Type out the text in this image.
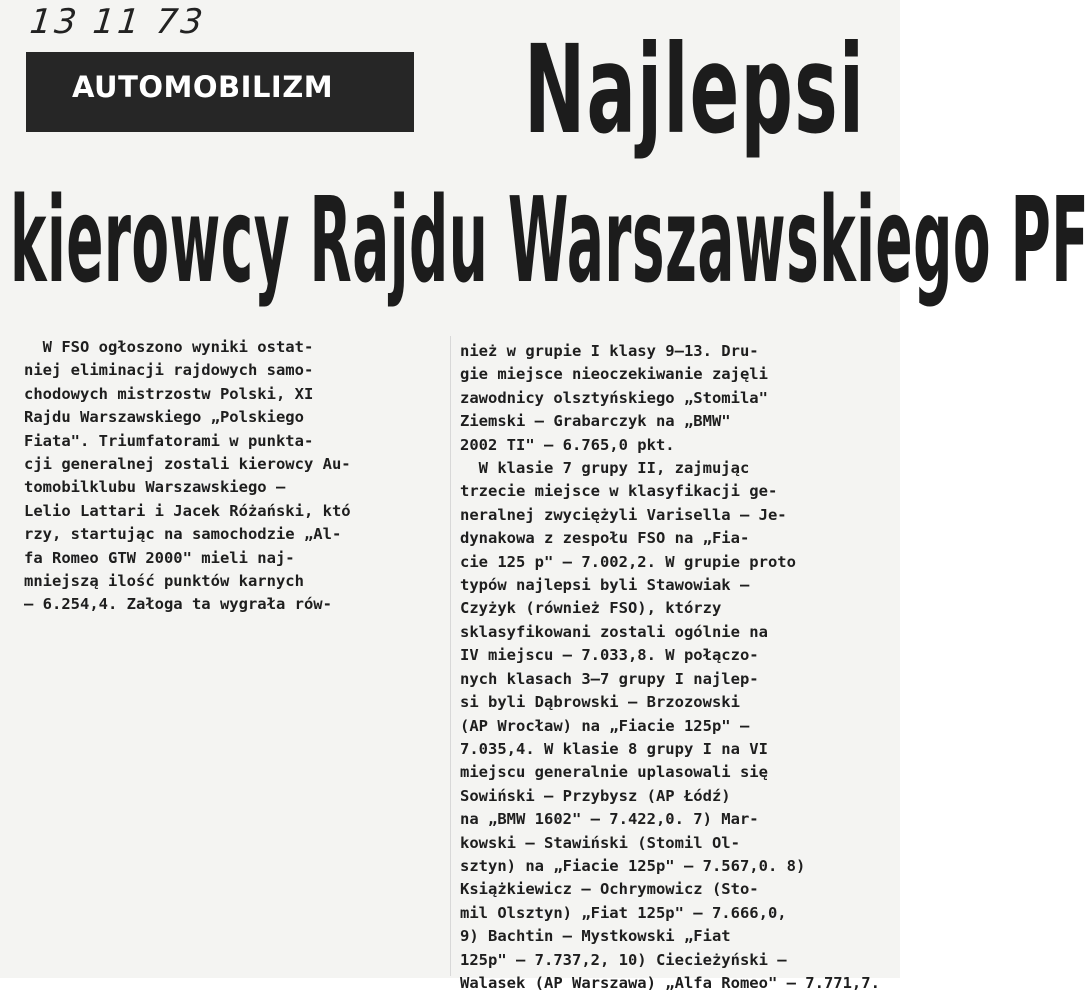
13 11 73
AUTOMOBILIZM	Najlepsi
kierowcy Rajdu Warszawskiego PF

W FSO ogłoszono wyniki ostat-

niej eliminacji rajdowych samo-

chodowych mistrzostw Polski, XI

Rajdu Warszawskiego „Polskiego

Fiata". Triumfatorami w punkta-

cji generalnej zostali kierowcy Au-

tomobilklubu Warszawskiego —

Lelio Lattari i Jacek Różański, któ

rzy, startując na samochodzie „Al-

fa Romeo GTW 2000" mieli naj-

mniejszą ilość punktów karnych

— 6.254,4. Załoga ta wygrała rów-

nież w grupie I klasy 9—13. Dru-

gie miejsce nieoczekiwanie zajęli

zawodnicy olsztyńskiego „Stomila"

Ziemski — Grabarczyk na „BMW"

2002 TI" — 6.765,0 pkt.

W klasie 7 grupy II, zajmując

trzecie miejsce w klasyfikacji ge-

neralnej zwyciężyli Varisella — Je-

dynakowa z zespołu FSO na „Fia-

cie 125 p" — 7.002,2. W grupie proto

typów najlepsi byli Stawowiak —

Czyżyk (również FSO), którzy

sklasyfikowani zostali ogólnie na

IV miejscu — 7.033,8. W połączo-

nych klasach 3—7 grupy I najlep-

si byli Dąbrowski — Brzozowski

(AP Wrocław) na „Fiacie 125p" —

7.035,4. W klasie 8 grupy I na VI

miejscu generalnie uplasowali się

Sowiński — Przybysz (AP Łódź)

na „BMW 1602" — 7.422,0. 7) Mar-

kowski — Stawiński (Stomil Ol-

sztyn) na „Fiacie 125p" — 7.567,0. 8)

Książkiewicz — Ochrymowicz (Sto-

mil Olsztyn) „Fiat 125p" — 7.666,0,

9) Bachtin — Mystkowski „Fiat

125p" — 7.737,2, 10) Ciecieżyński —

Walasek (AP Warszawa) „Alfa Romeo" — 7.771,7.
